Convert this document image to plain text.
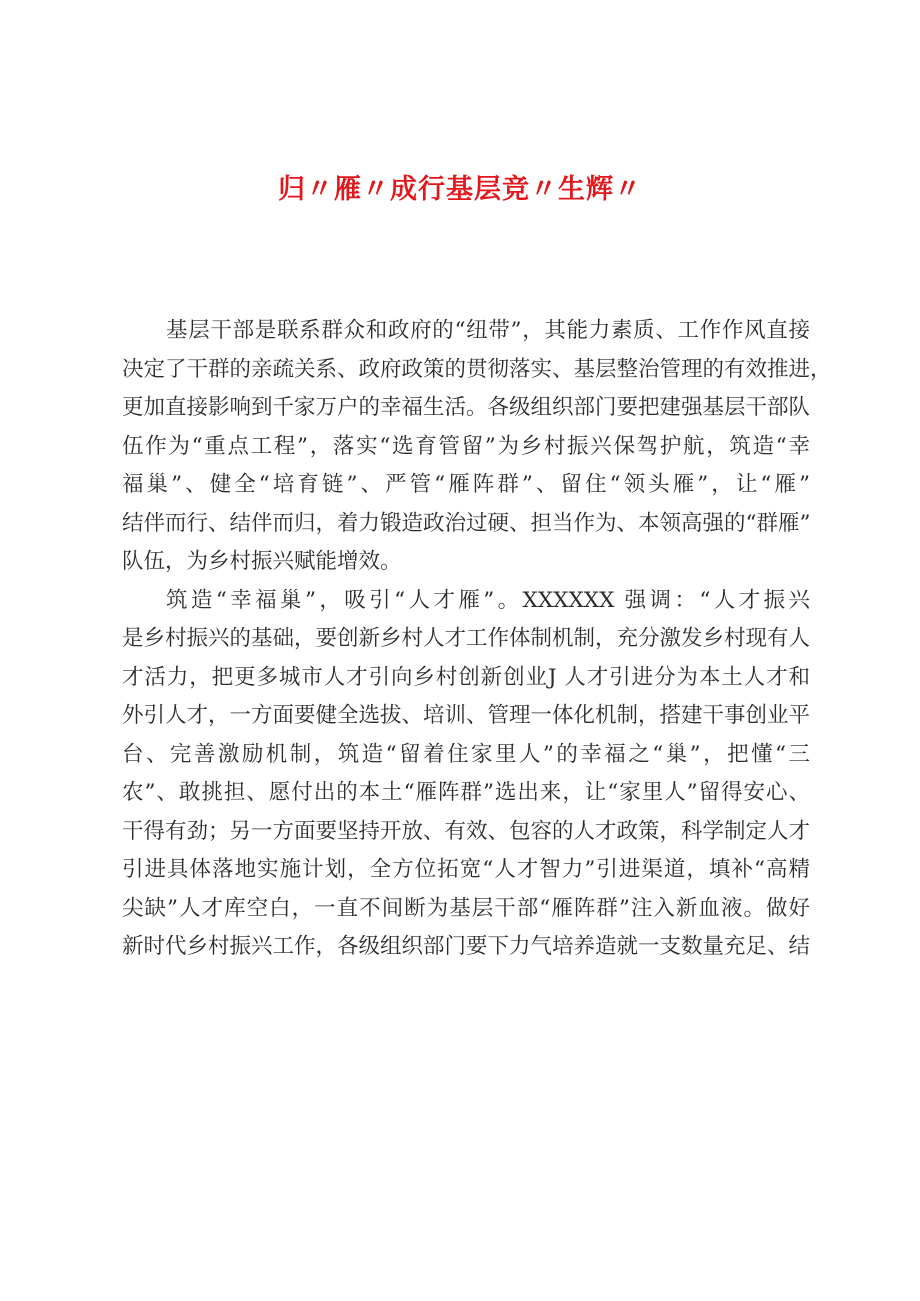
归〃雁〃成行基层竞〃生辉〃
基层干部是联系群众和政府的“纽带”，其能力素质、工作作风直接
决定了干群的亲疏关系、政府政策的贯彻落实、基层整治管理的有效推进，
更加直接影响到千家万户的幸福生活。各级组织部门要把建强基层干部队
伍作为“重点工程”，落实“选育管留”为乡村振兴保驾护航，筑造“幸
福巢”、健全“培育链”、严管“雁阵群”、留住“领头雁”，让“雁”
结伴而行、结伴而归，着力锻造政治过硬、担当作为、本领高强的“群雁”
队伍，为乡村振兴赋能增效。
筑造“幸福巢”，吸引“人才雁”。XXXXXX 强调：“人才振兴
是乡村振兴的基础，要创新乡村人才工作体制机制，充分激发乡村现有人
才活力，把更多城市人才引向乡村创新创业J 人才引进分为本土人才和
外引人才，一方面要健全选拔、培训、管理一体化机制，搭建干事创业平
台、完善激励机制，筑造“留着住家里人”的幸福之“巢”，把懂“三
农”、敢挑担、愿付出的本土“雁阵群”选出来，让“家里人”留得安心、
干得有劲；另一方面要坚持开放、有效、包容的人才政策，科学制定人才
引进具体落地实施计划，全方位拓宽“人才智力”引进渠道，填补“高精
尖缺”人才库空白，一直不间断为基层干部“雁阵群”注入新血液。做好
新时代乡村振兴工作，各级组织部门要下力气培养造就一支数量充足、结
